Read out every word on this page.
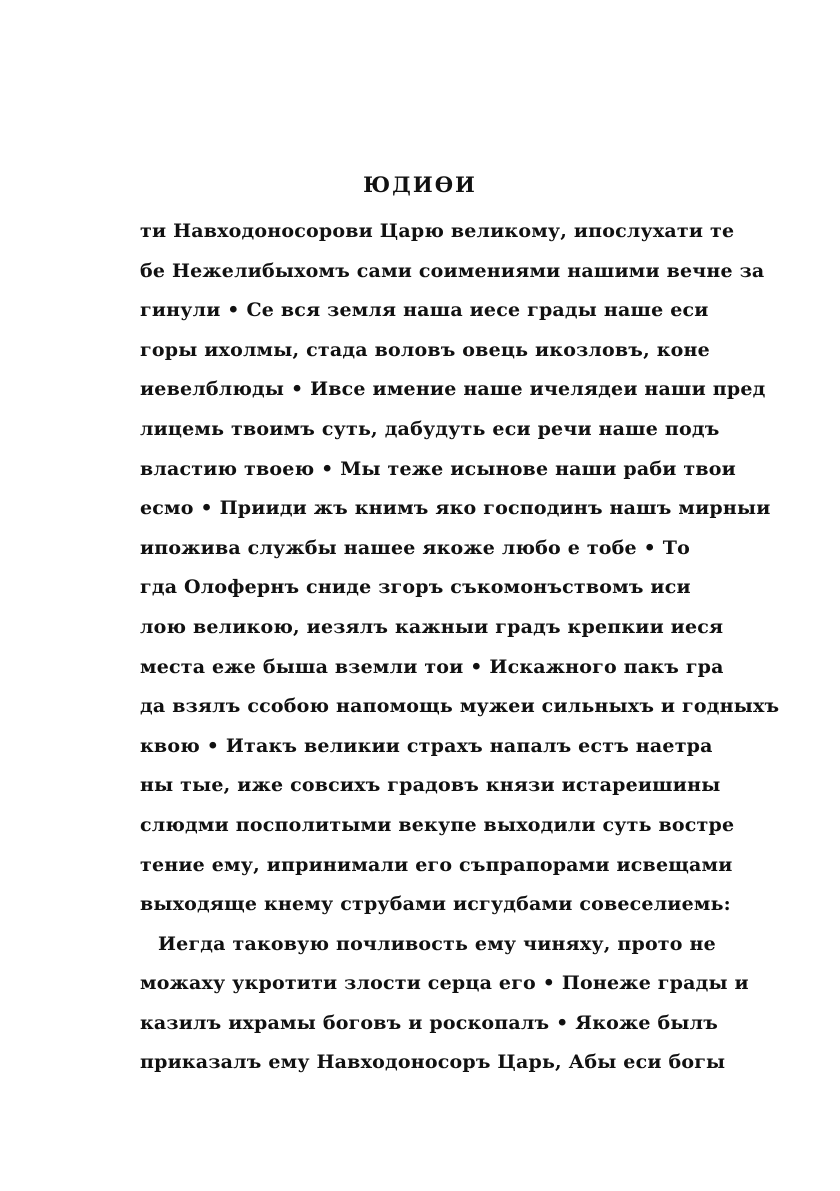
ЮДИѲИ
ти Навходоносорови Царю великому, ипослухати те
бе Нежелибыхомъ сами соимениями нашими вечне за
гинули • Се вся земля наша иесе грады наше еси
горы ихолмы, стада воловъ овець икозловъ, коне
иевелблюды • Ивсе имение наше ичелядеи наши пред
лицемь твоимъ суть, дабудуть еси речи наше подъ
властию твоею • Мы теже исынове наши раби твои
есмо • Прииди жъ книмъ яко господинъ нашъ мирныи
ипожива службы нашее якоже любо е тобе • То
гда Олофернъ сниде згоръ съкомонъствомъ иси
лою великою, иезялъ кажныи градъ крепкии иеся
места еже быша вземли тои • Искажного пакъ гра
да взялъ ссобою напомощь мужеи сильныхъ и годныхъ
квою • Итакъ великии страхъ напалъ естъ наетра
ны тые, иже совсихъ градовъ князи истареишины
слюдми посполитыми векупе выходили суть востре
тение ему, ипринимали его съпрапорами исвещами
выходяще кнему струбами исгудбами совеселиемь:
Иегда таковую почливость ему чиняху, прото не
можаху укротити злости серца его • Понеже грады и
казилъ ихрамы боговъ и роскопалъ • Якоже былъ
приказалъ ему Навходоносоръ Царь, Абы еси богы
